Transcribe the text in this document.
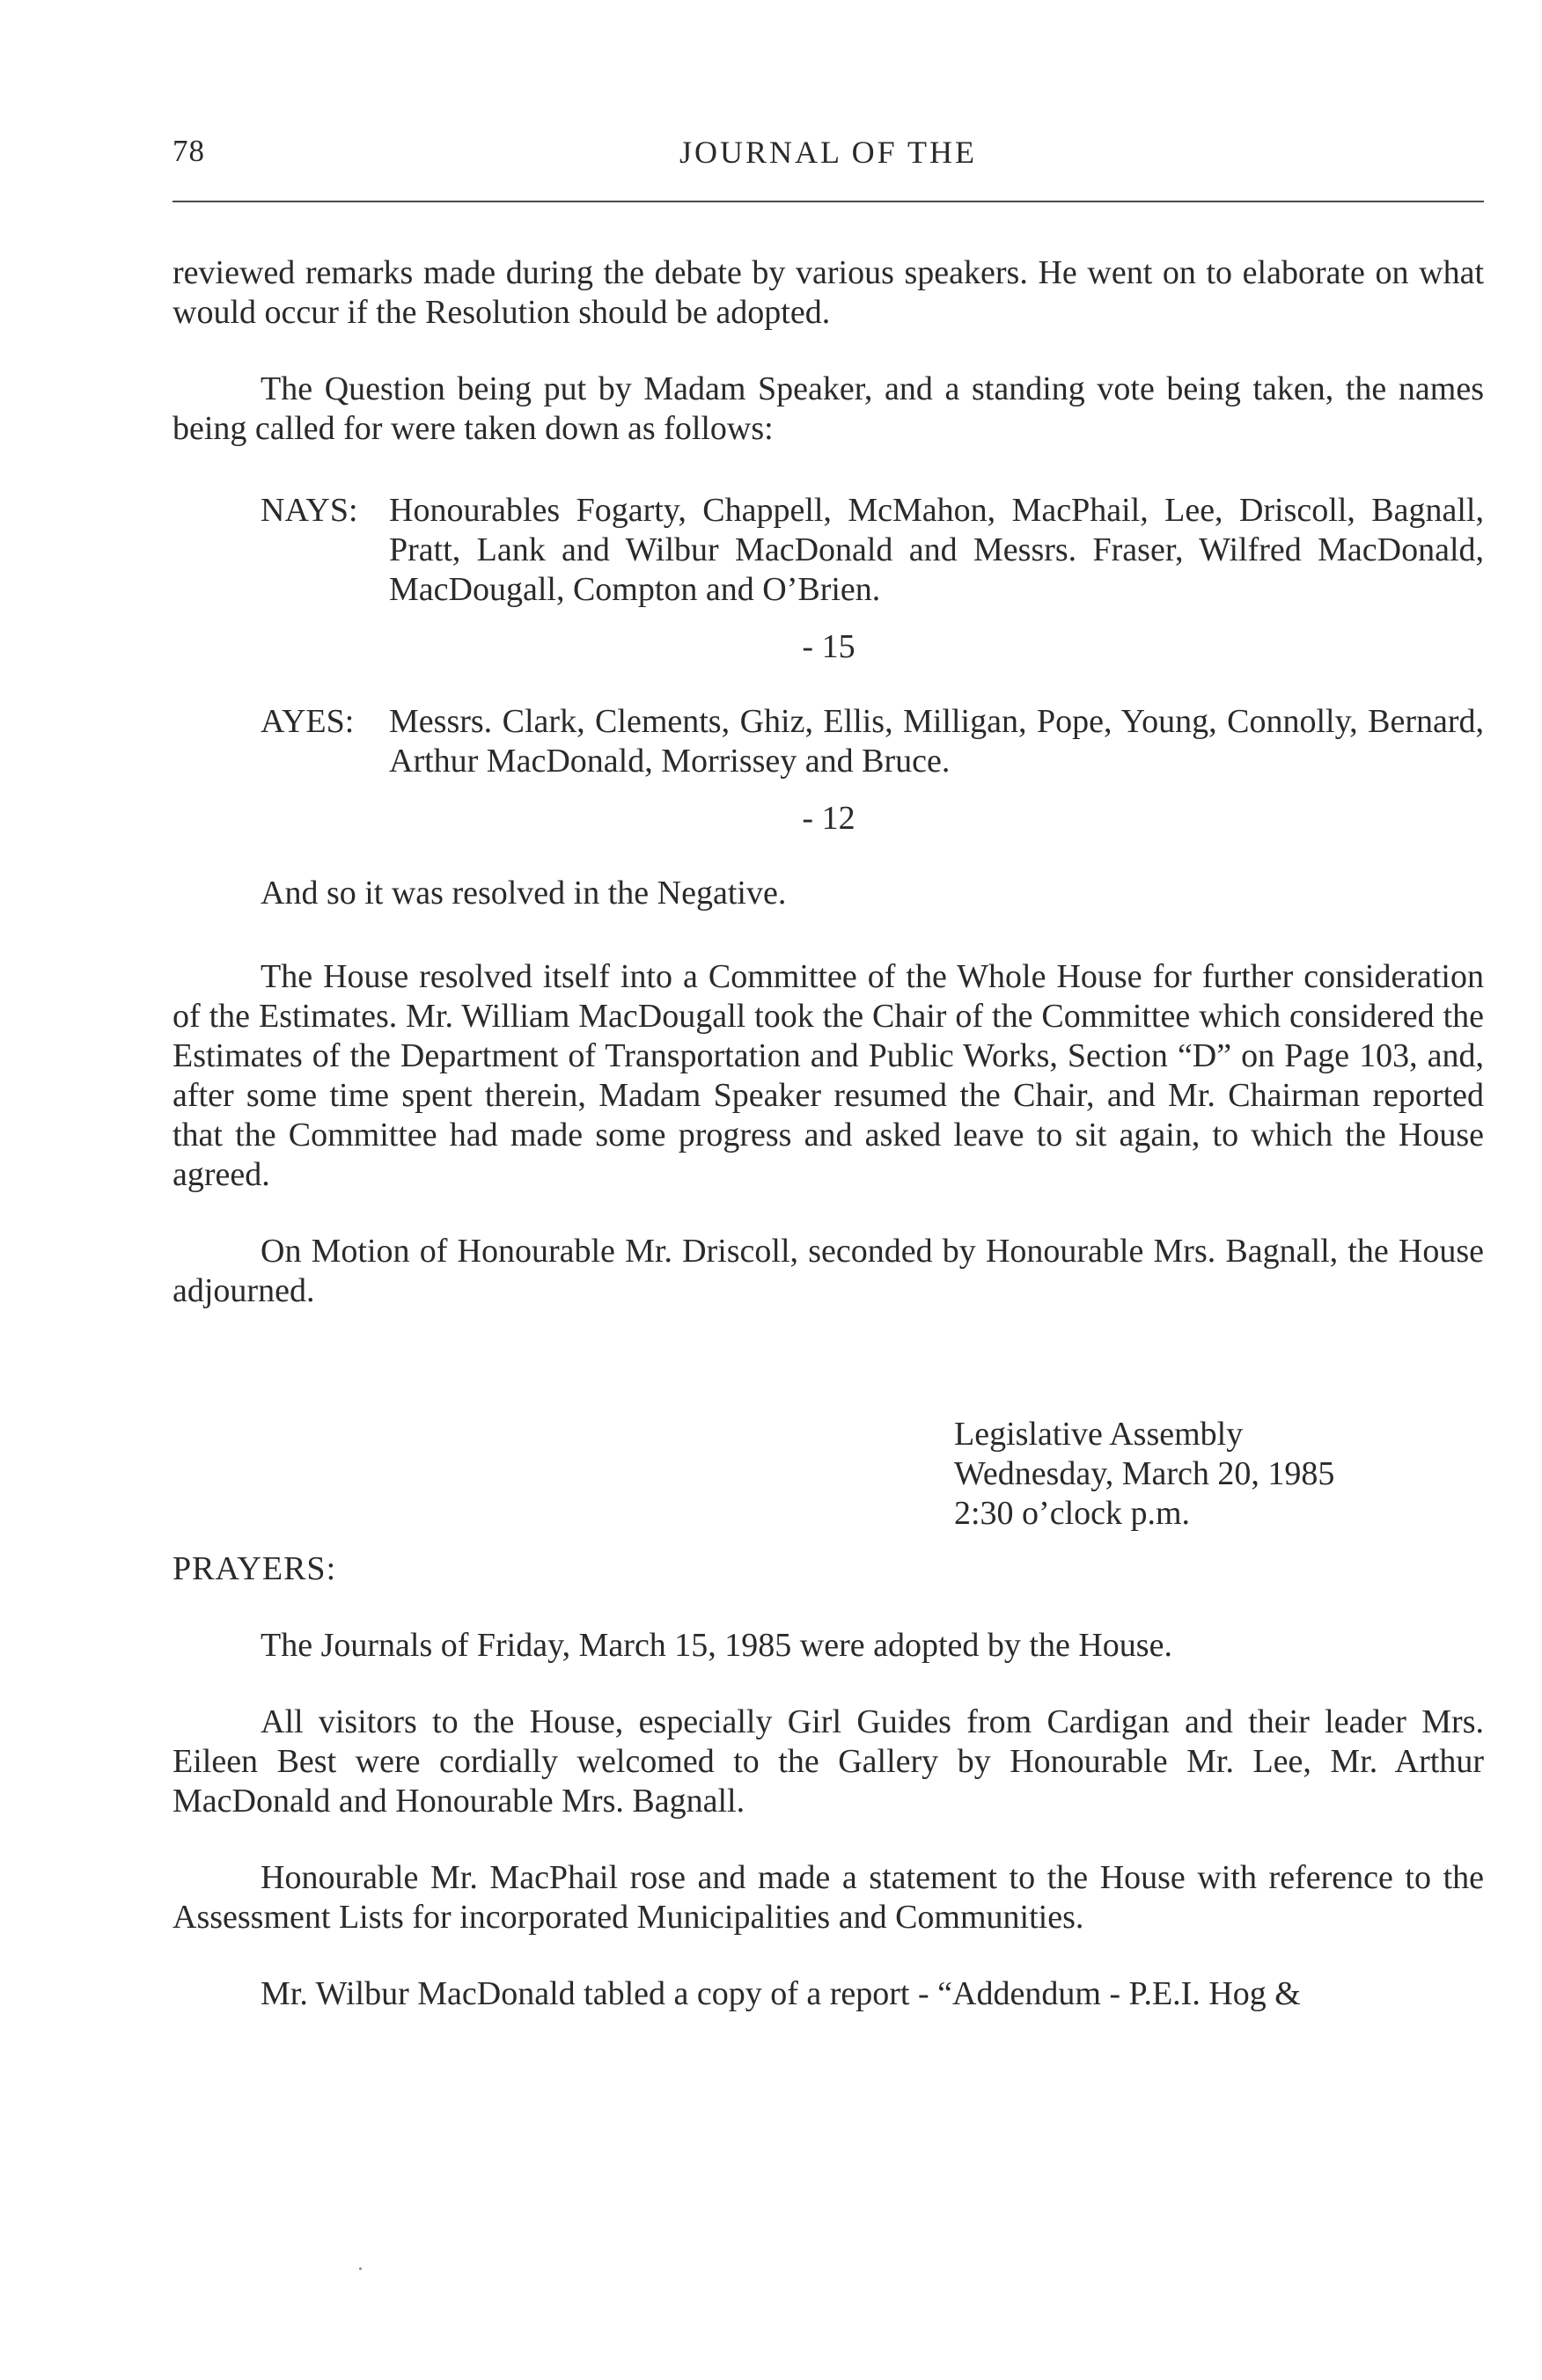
78	JOURNAL OF THE

reviewed remarks made during the debate by various speakers. He went on to elaborate on what would occur if the Resolution should be adopted.

The Question being put by Madam Speaker, and a standing vote being taken, the names being called for were taken down as follows:

NAYS: Honourables Fogarty, Chappell, McMahon, MacPhail, Lee, Driscoll, Bagnall, Pratt, Lank and Wilbur MacDonald and Messrs. Fraser, Wilfred MacDonald, MacDougall, Compton and O’Brien.
- 15
AYES:	Messrs. Clark, Clements, Ghiz, Ellis, Milligan, Pope, Young, Connolly, Bernard, Arthur MacDonald, Morrissey and Bruce.
- 12

And so it was resolved in the Negative.

The House resolved itself into a Committee of the Whole House for further consideration of the Estimates. Mr. William MacDougall took the Chair of the Committee which considered the Estimates of the Department of Transportation and Public Works, Section “D” on Page 103, and, after some time spent therein, Madam Speaker resumed the Chair, and Mr. Chairman reported that the Committee had made some progress and asked leave to sit again, to which the House agreed.

On Motion of Honourable Mr. Driscoll, seconded by Honourable Mrs. Bagnall, the House adjourned.

Legislative Assembly
Wednesday, March 20, 1985
2:30 o’clock p.m.

PRAYERS:

The Journals of Friday, March 15, 1985 were adopted by the House.

All visitors to the House, especially Girl Guides from Cardigan and their leader Mrs. Eileen Best were cordially welcomed to the Gallery by Honourable Mr. Lee, Mr. Arthur MacDonald and Honourable Mrs. Bagnall.

Honourable Mr. MacPhail rose and made a statement to the House with reference to the Assessment Lists for incorporated Municipalities and Communities.

Mr. Wilbur MacDonald tabled a copy of a report - “Addendum - P.E.I. Hog &
